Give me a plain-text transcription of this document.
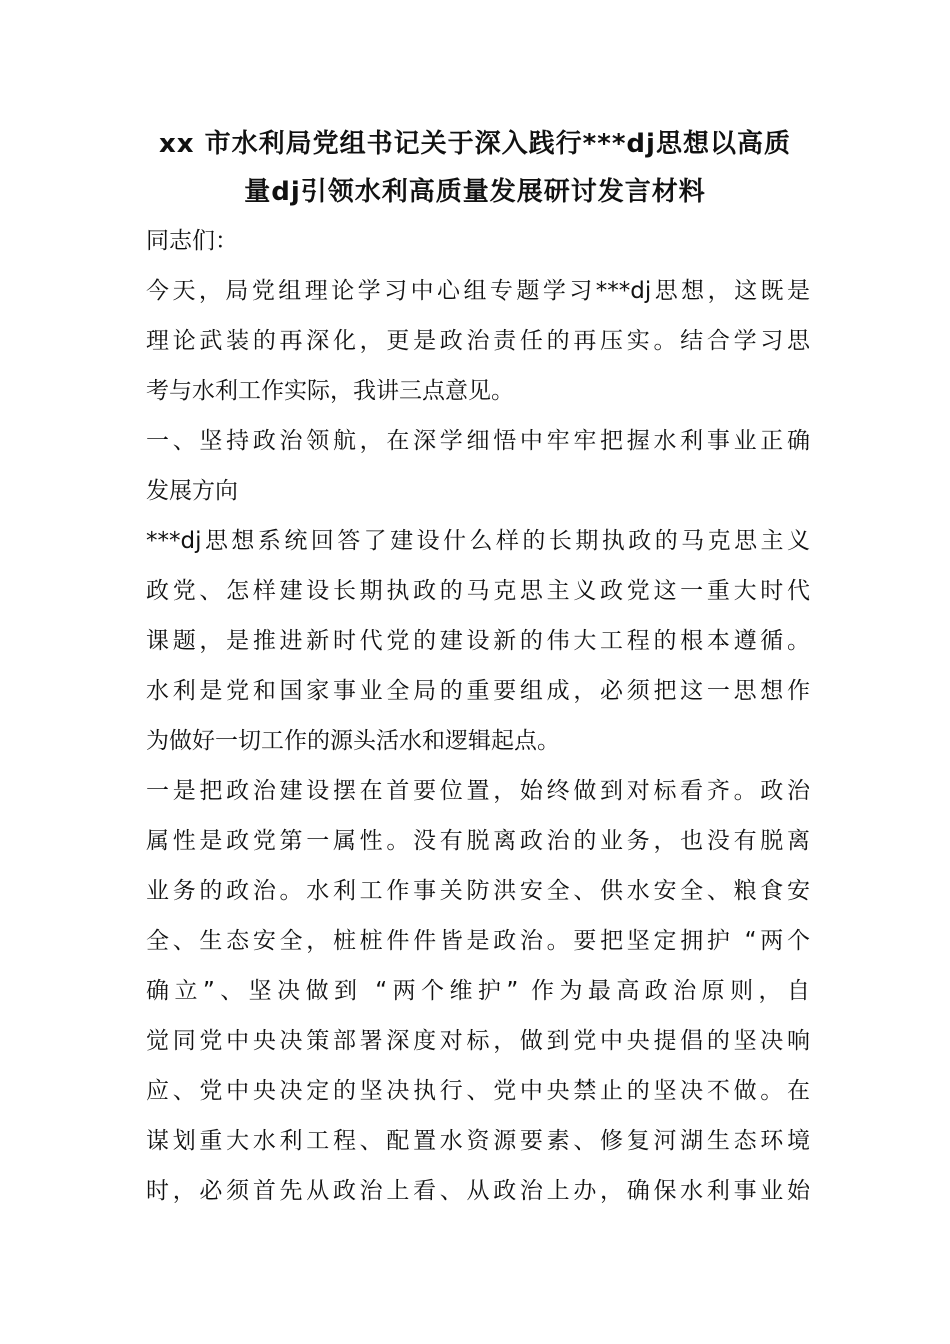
xx 市水利局党组书记关于深入践行***dj思想以高质
量dj引领水利高质量发展研讨发言材料

同志们：

今天，局党组理论学习中心组专题学习***dj思想，这既是

理论武装的再深化，更是政治责任的再压实。结合学习思

考与水利工作实际，我讲三点意见。

一、坚持政治领航，在深学细悟中牢牢把握水利事业正确

发展方向

***dj思想系统回答了建设什么样的长期执政的马克思主义

政党、怎样建设长期执政的马克思主义政党这一重大时代

课题，是推进新时代党的建设新的伟大工程的根本遵循。

水利是党和国家事业全局的重要组成，必须把这一思想作

为做好一切工作的源头活水和逻辑起点。

一是把政治建设摆在首要位置，始终做到对标看齐。政治

属性是政党第一属性。没有脱离政治的业务，也没有脱离

业务的政治。水利工作事关防洪安全、供水安全、粮食安

全、生态安全，桩桩件件皆是政治。要把坚定拥护 “两个

确立”、坚决做到 “两个维护” 作为最高政治原则，自

觉同党中央决策部署深度对标，做到党中央提倡的坚决响

应、党中央决定的坚决执行、党中央禁止的坚决不做。在

谋划重大水利工程、配置水资源要素、修复河湖生态环境

时，必须首先从政治上看、从政治上办，确保水利事业始
